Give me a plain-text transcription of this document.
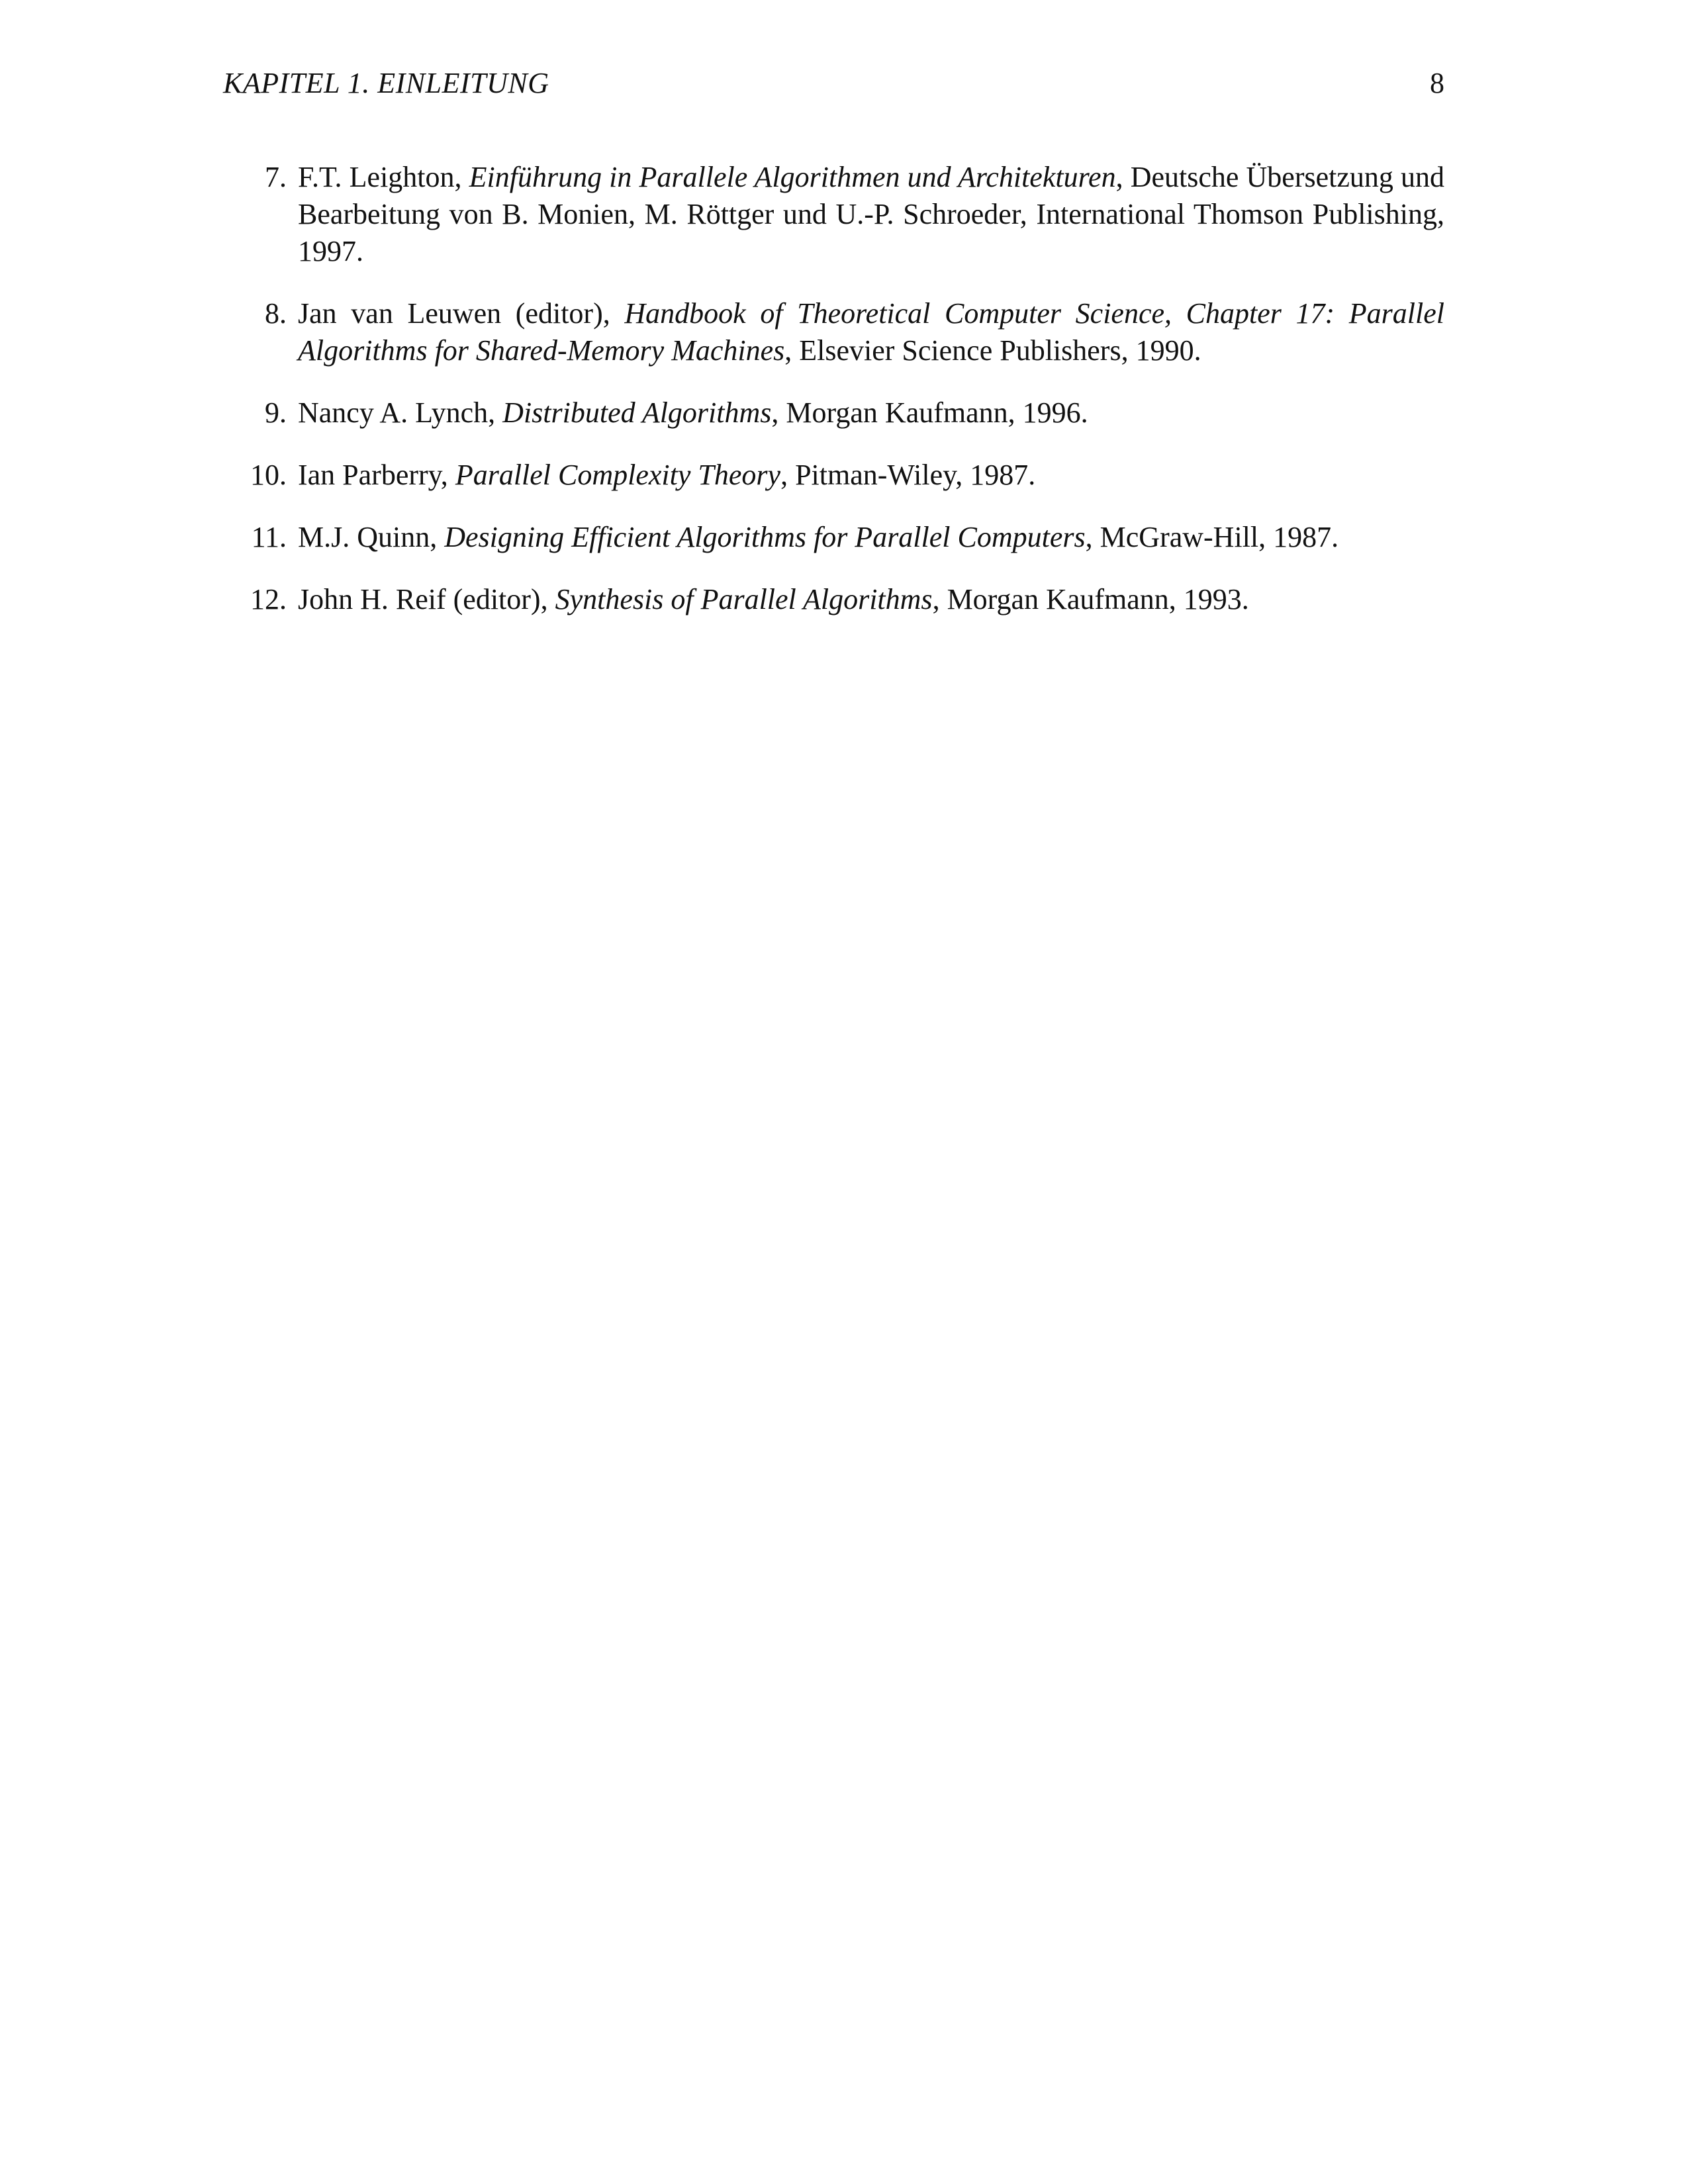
KAPITEL 1. EINLEITUNG	8
7. F.T. Leighton, Einführung in Parallele Algorithmen und Architekturen, Deutsche Übersetzung und Bearbeitung von B. Monien, M. Röttger und U.-P. Schroeder, International Thomson Publishing, 1997.
8. Jan van Leuwen (editor), Handbook of Theoretical Computer Science, Chapter 17: Parallel Algorithms for Shared-Memory Machines, Elsevier Science Publishers, 1990.
9. Nancy A. Lynch, Distributed Algorithms, Morgan Kaufmann, 1996.
10. Ian Parberry, Parallel Complexity Theory, Pitman-Wiley, 1987.
11. M.J. Quinn, Designing Efficient Algorithms for Parallel Computers, McGraw-Hill, 1987.
12. John H. Reif (editor), Synthesis of Parallel Algorithms, Morgan Kaufmann, 1993.
